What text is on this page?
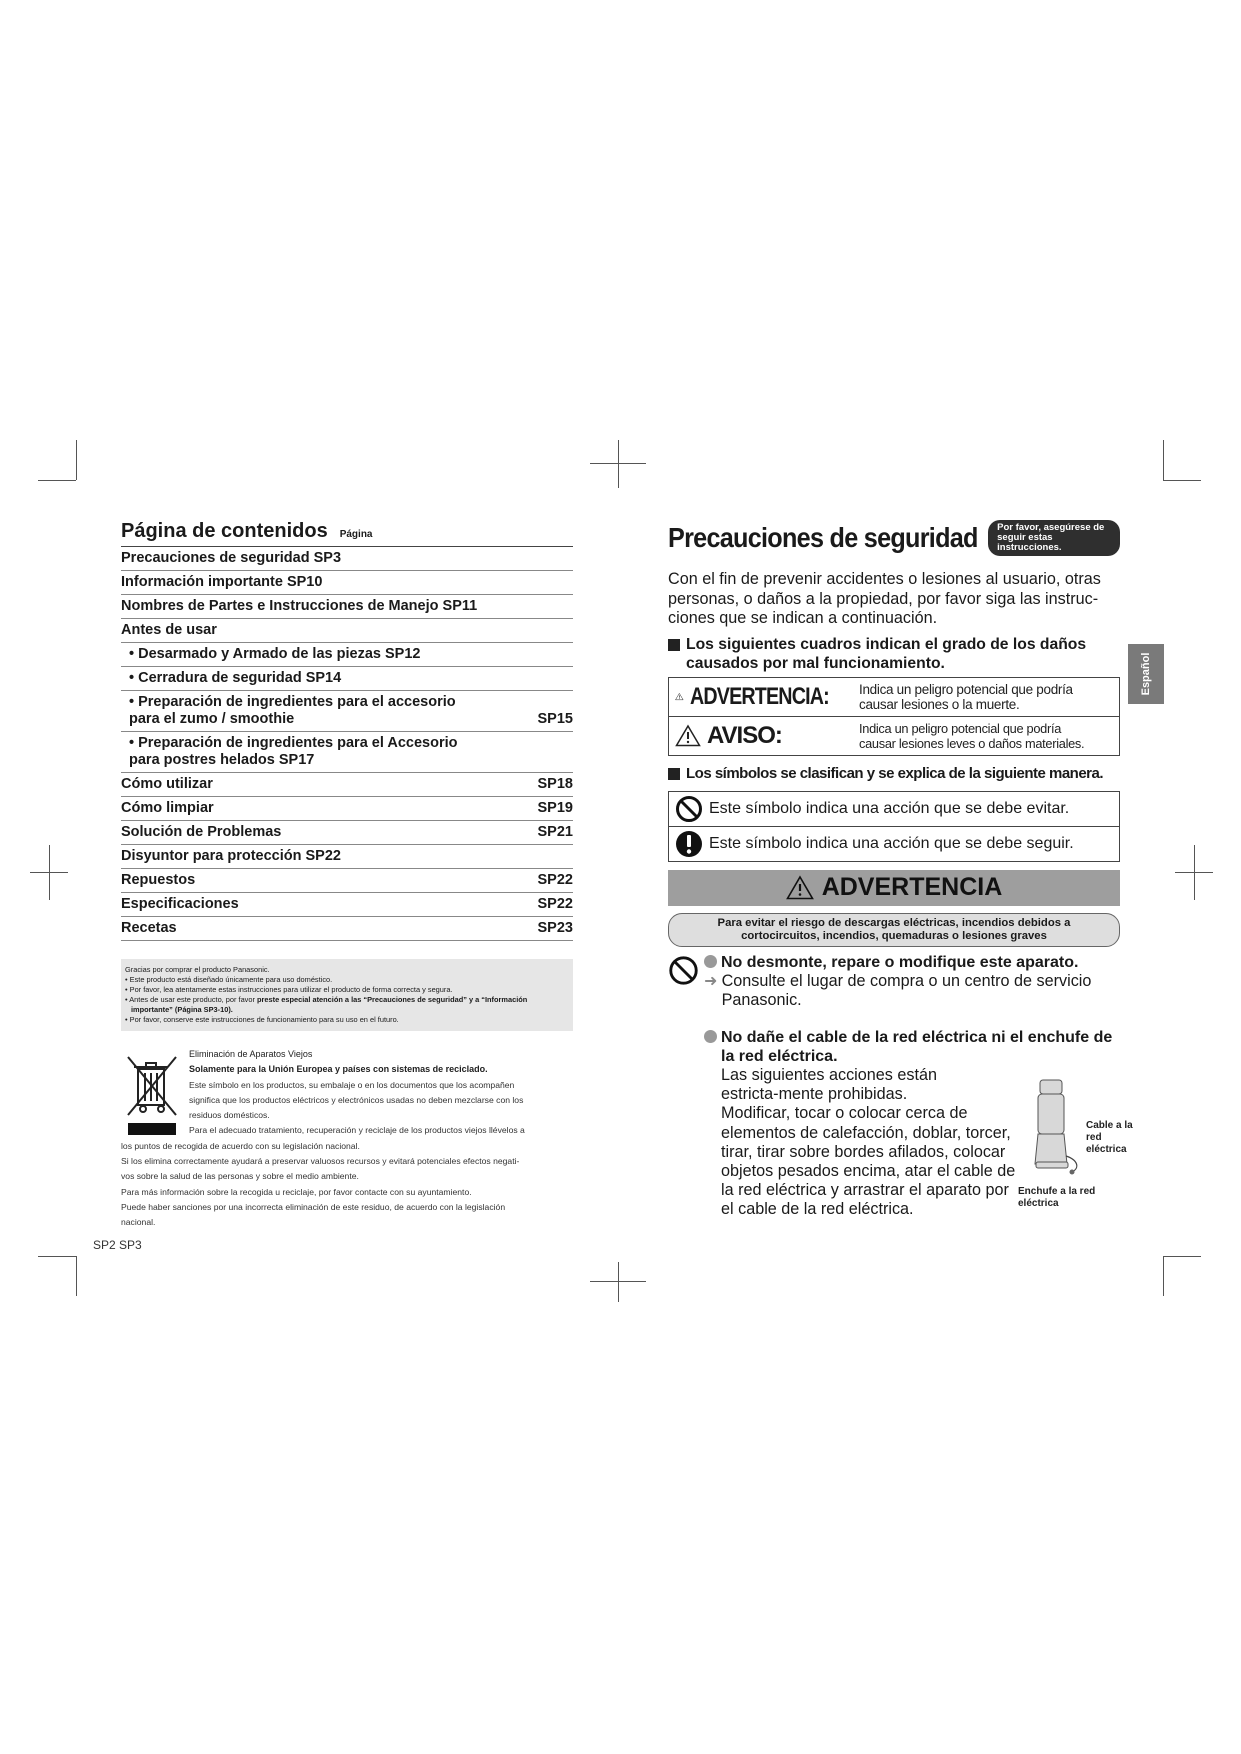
Página de contenidos Página
Precauciones de seguridad SP3
Información importante SP10
Nombres de Partes e Instrucciones de Manejo SP11
Antes de usar
• Desarmado y Armado de las piezas SP12
• Cerradura de seguridad SP14
• Preparación de ingredientes para el accesorio
para el zumo / smoothie	SP15
• Preparación de ingredientes para el Accesorio
para postres helados SP17
Cómo utilizar	SP18
Cómo limpiar	SP19
Solución de Problemas	SP21
Disyuntor para protección SP22
Repuestos	SP22
Especificaciones	SP22
Recetas	SP23
Gracias por comprar el producto Panasonic.
• Este producto está diseñado únicamente para uso doméstico.
• Por favor, lea atentamente estas instrucciones para utilizar el producto de forma correcta y segura.
• Antes de usar este producto, por favor preste especial atención a las “Precauciones de seguridad” y a “Información
importante” (Página SP3-10).
• Por favor, conserve este instrucciones de funcionamiento para su uso en el futuro.
Eliminación de Aparatos Viejos
Solamente para la Unión Europea y países con sistemas de reciclado.
Este símbolo en los productos, su embalaje o en los documentos que los acompañen
significa que los productos eléctricos y electrónicos usadas no deben mezclarse con los
residuos domésticos.
Para el adecuado tratamiento, recuperación y reciclaje de los productos viejos llévelos a
los puntos de recogida de acuerdo con su legislación nacional.
Si los elimina correctamente ayudará a preservar valuosos recursos y evitará potenciales efectos negati-
vos sobre la salud de las personas y sobre el medio ambiente.
Para más información sobre la recogida u reciclaje, por favor contacte con su ayuntamiento.
Puede haber sanciones por una incorrecta eliminación de este residuo, de acuerdo con la legislación
nacional.
SP2 SP3
Precauciones de seguridad	Por favor, asegúrese de
seguir estas instrucciones.
Con el fin de prevenir accidentes o lesiones al usuario, otras personas, o daños a la propiedad, por favor siga las instruc-ciones que se indican a continuación.
Los siguientes cuadros indican el grado de los daños causados por mal funcionamiento.
ADVERTENCIA: Indica un peligro potencial que podría
causar lesiones o la muerte.
AVISO:	Indica un peligro potencial que podría
causar lesiones leves o daños materiales.
Los símbolos se clasifican y se explica de la siguiente manera.
Este símbolo indica una acción que se debe evitar.
Este símbolo indica una acción que se debe seguir.
ADVERTENCIA
Para evitar el riesgo de descargas eléctricas, incendios debidos a
cortocircuitos, incendios, quemaduras o lesiones graves
No desmonte, repare o modifique este aparato.
➜ Consulte el lugar de compra o un centro de servicio Panasonic.
No dañe el cable de la red eléctrica ni el enchufe de la red eléctrica.
Las siguientes acciones están estricta-mente prohibidas.
Modificar, tocar o colocar cerca de elementos de calefacción, doblar, torcer, tirar, tirar sobre bordes afilados, colocar objetos pesados encima, atar el cable de la red eléctrica y arrastrar el aparato por el cable de la red eléctrica.
Cable a la red eléctrica
Enchufe a la red eléctrica
Español
